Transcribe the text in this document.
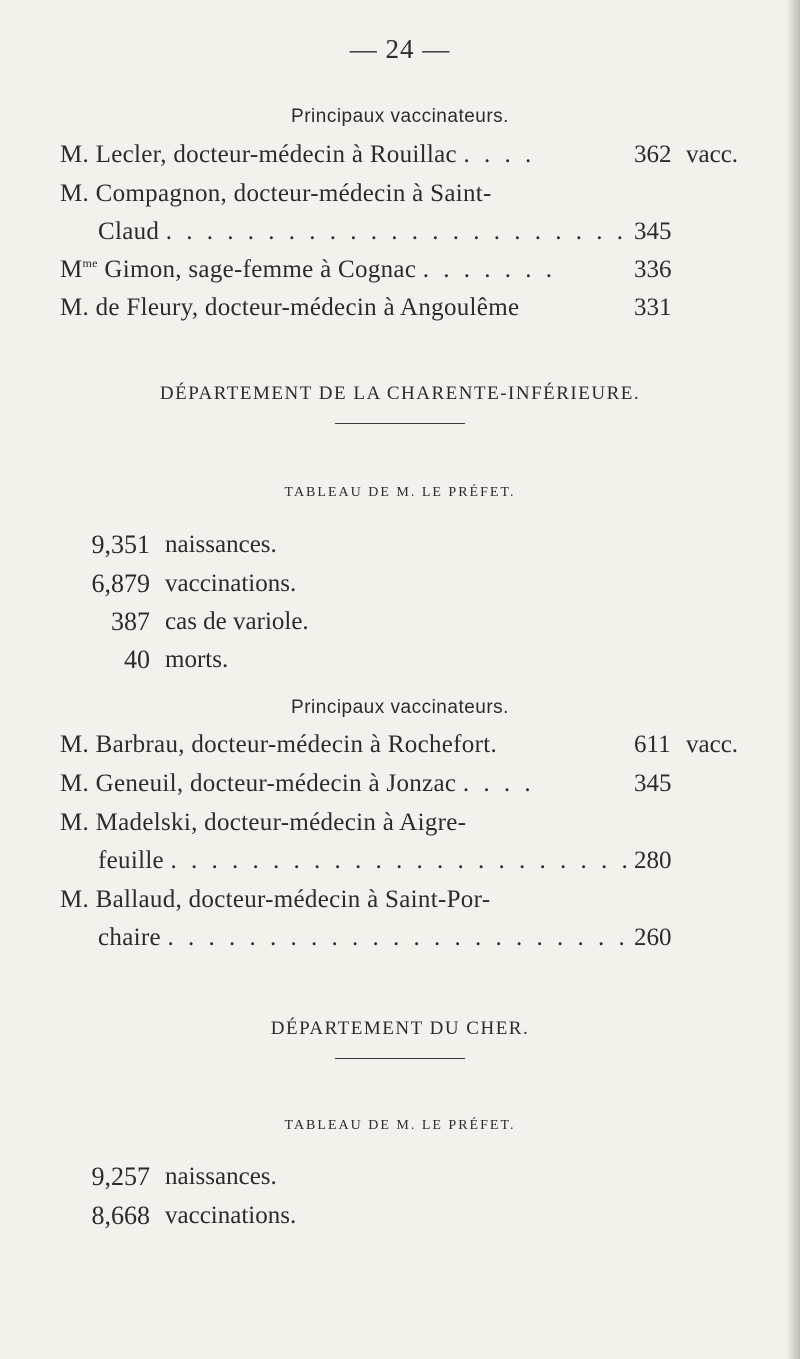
— 24 —
Principaux vaccinateurs.
M. Lecler, docteur-médecin à Rouillac . . . .	362 vacc.
M. Compagnon, docteur-médecin à Saint-
Claud . . . . . . . . . . . . . . . . . . . . . . . 345
$M^{me}$ Gimon, sage-femme à Cognac . . . . . . .	336
M. de Fleury, docteur-médecin à Angoulême	331
DÉPARTEMENT DE LA CHARENTE-INFÉRIEURE.
TABLEAU DE M. LE PRÉFET.
9,351 naissances.
6,879 vaccinations.
387 cas de variole.
40 morts.
Principaux vaccinateurs.
M. Barbrau, docteur-médecin à Rochefort.	611 vacc.
M. Geneuil, docteur-médecin à Jonzac . . . .	345
M. Madelski, docteur-médecin à Aigre-
feuille . . . . . . . . . . . . . . . . . . . . . . . 280
M. Ballaud, docteur-médecin à Saint-Por-
chaire . . . . . . . . . . . . . . . . . . . . . . . 260
DÉPARTEMENT DU CHER.
TABLEAU DE M. LE PRÉFET.
9,257 naissances.
8,668 vaccinations.
